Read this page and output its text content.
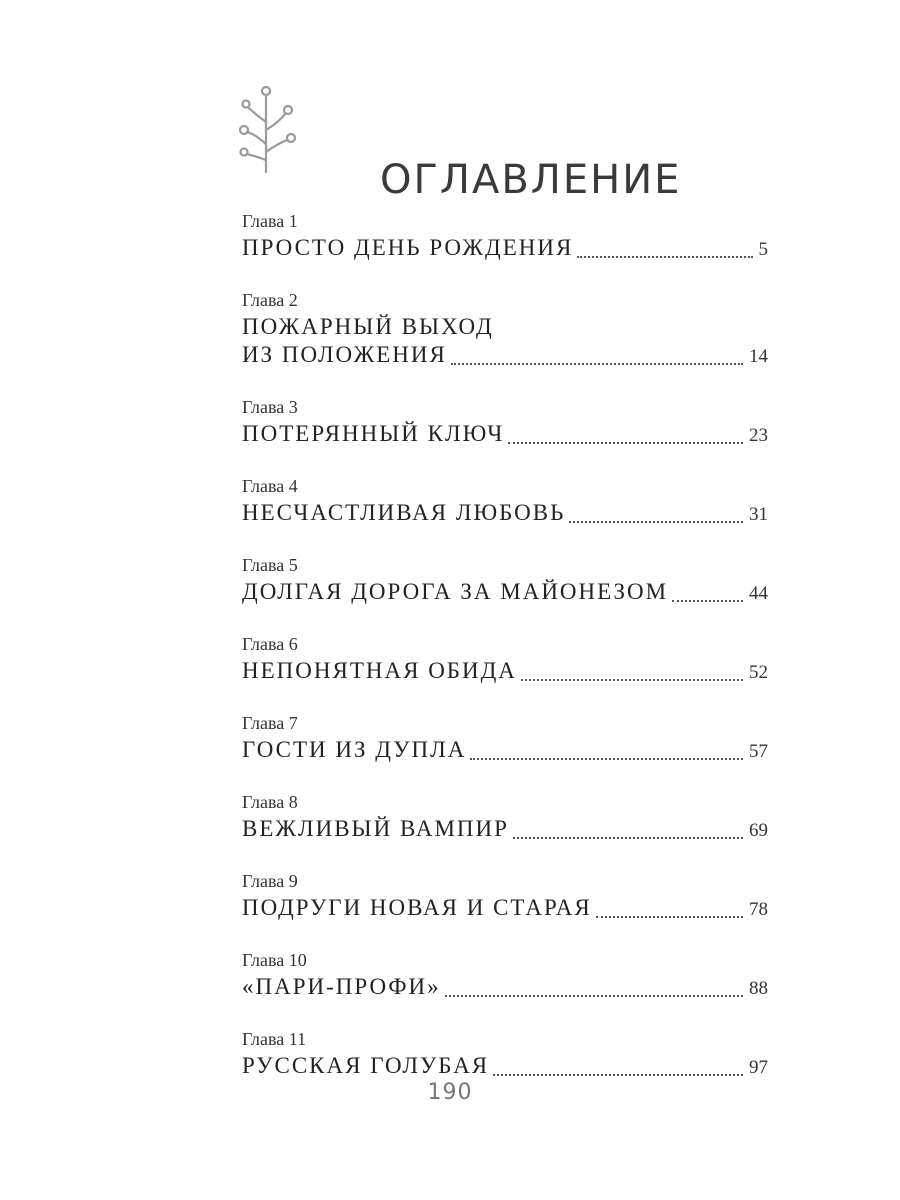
ОГЛАВЛЕНИЕ
Глава 1
ПРОСТО ДЕНЬ РОЖДЕНИЯ	5
Глава 2
ПОЖАРНЫЙ ВЫХОД
ИЗ ПОЛОЖЕНИЯ	14
Глава 3
ПОТЕРЯННЫЙ КЛЮЧ	23
Глава 4
НЕСЧАСТЛИВАЯ ЛЮБОВЬ	31
Глава 5
ДОЛГАЯ ДОРОГА ЗА МАЙОНЕЗОМ	44
Глава 6
НЕПОНЯТНАЯ ОБИДА	52
Глава 7
ГОСТИ ИЗ ДУПЛА	57
Глава 8
ВЕЖЛИВЫЙ ВАМПИР	69
Глава 9
ПОДРУГИ НОВАЯ И СТАРАЯ	78
Глава 10
«ПАРИ-ПРОФИ»	88
Глава 11
РУССКАЯ ГОЛУБАЯ	97
190
